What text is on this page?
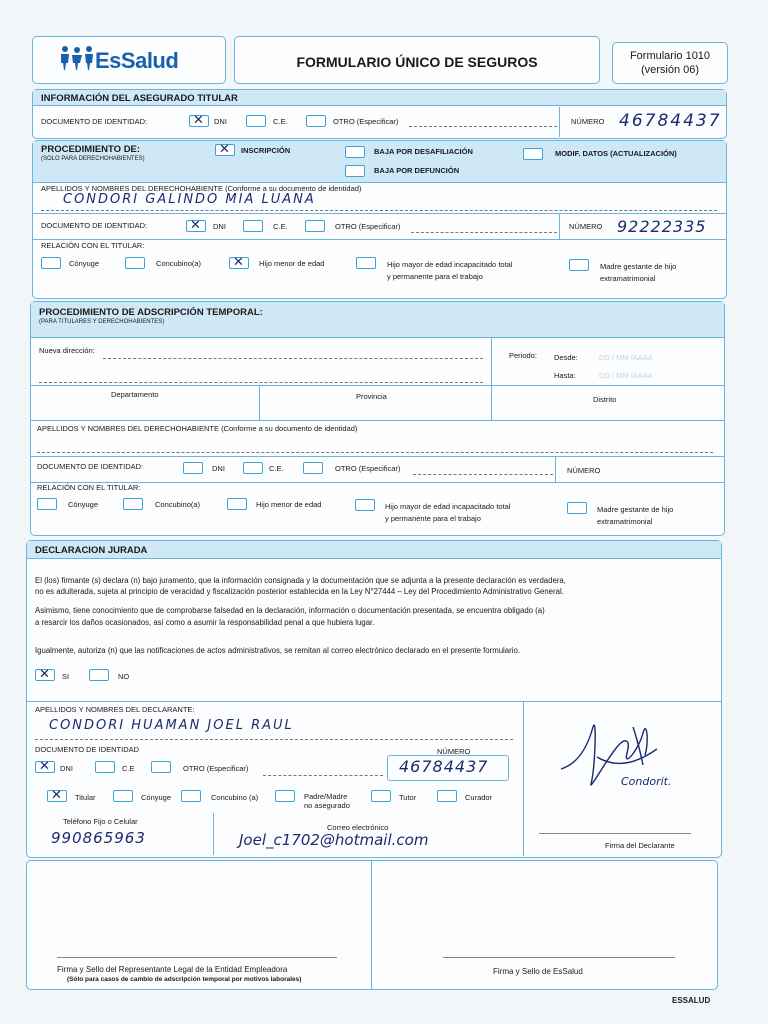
EsSalud	FORMULARIO ÚNICO DE SEGUROS	Formulario 1010
(versión 06)
INFORMACIÓN DEL ASEGURADO TITULAR
DOCUMENTO DE IDENTIDAD: ✕	DNI	C.E.	OTRO (Especificar)	NÚMERO 46784437
PROCEDIMIENTO DE:
(SOLO PARA DERECHOHABIENTES)
✕
INSCRIPCIÓN	BAJA POR DESAFILIACIÓN
BAJA POR DEFUNCIÓN
MODIF. DATOS (ACTUALIZACIÓN)
APELLIDOS Y NOMBRES DEL DERECHOHABIENTE (Conforme a su documento de identidad)
CONDORI GALINDO MIA LUANA
DOCUMENTO DE IDENTIDAD: ✕	DNI	C.E.	OTRO (Especificar)	NÚMERO 92222335
RELACIÓN CON EL TITULAR:
Cónyuge	Concubino(a) ✕	Hijo menor de edad	Hijo mayor de edad incapacitado total
y permanente para el trabajo
Madre gestante de hijo
extramatrimonial
PROCEDIMIENTO DE ADSCRIPCIÓN TEMPORAL:
(PARA TITULARES Y DERECHOHABIENTES)
Nueva dirección:
Periodo: Desde:	DD / MM /AAAA
Hasta:	DD / MM /AAAA
Departamento	Provincia	Distrito
APELLIDOS Y NOMBRES DEL DERECHOHABIENTE (Conforme a su documento de identidad)
DOCUMENTO DE IDENTIDAD:	DNI	C.E.	OTRO (Especificar)	NÚMERO
RELACIÓN CON EL TITULAR:
Cónyuge	Concubino(a)	Hijo menor de edad	Hijo mayor de edad incapacitado total
y permanente para el trabajo
Madre gestante de hijo
extramatrimonial
DECLARACION JURADA
El (los) firmante (s) declara (n) bajo juramento, que la información consignada y la documentación que se adjunta a la presente declaración es verdadera,
no es adulterada, sujeta al principio de veracidad y fiscalización posterior establecida en la Ley N°27444 – Ley del Procedimiento Administrativo General.
Asimismo, tiene conocimiento que de comprobarse falsedad en la declaración, información o documentación presentada, se encuentra obligado (a)
a resarcir los daños ocasionados, así como a asumir la responsabilidad penal a que hubiera lugar.
Igualmente, autoriza (n) que las notificaciones de actos administrativos, se remitan al correo electrónico declarado en el presente formulario.
✕
SI	NO
APELLIDOS Y NOMBRES DEL DECLARANTE:
CONDORI HUAMAN JOEL RAUL
DOCUMENTO DE IDENTIDAD	NÚMERO
✕
DNI	C.E	OTRO (Especificar)	46784437
✕
Titular	Cónyuge	Concubino (a)	Padre/Madre
no asegurado
Tutor	Curador
Teléfono Fijo o Celular
990865963
Correo electrónico
Joel_c1702@hotmail.com
Condorit.
Firma del Declarante
Firma y Sello del Representante Legal de la Entidad Empleadora
(Sólo para casos de cambio de adscripción temporal por motivos laborales)
Firma y Sello de EsSalud
ESSALUD
